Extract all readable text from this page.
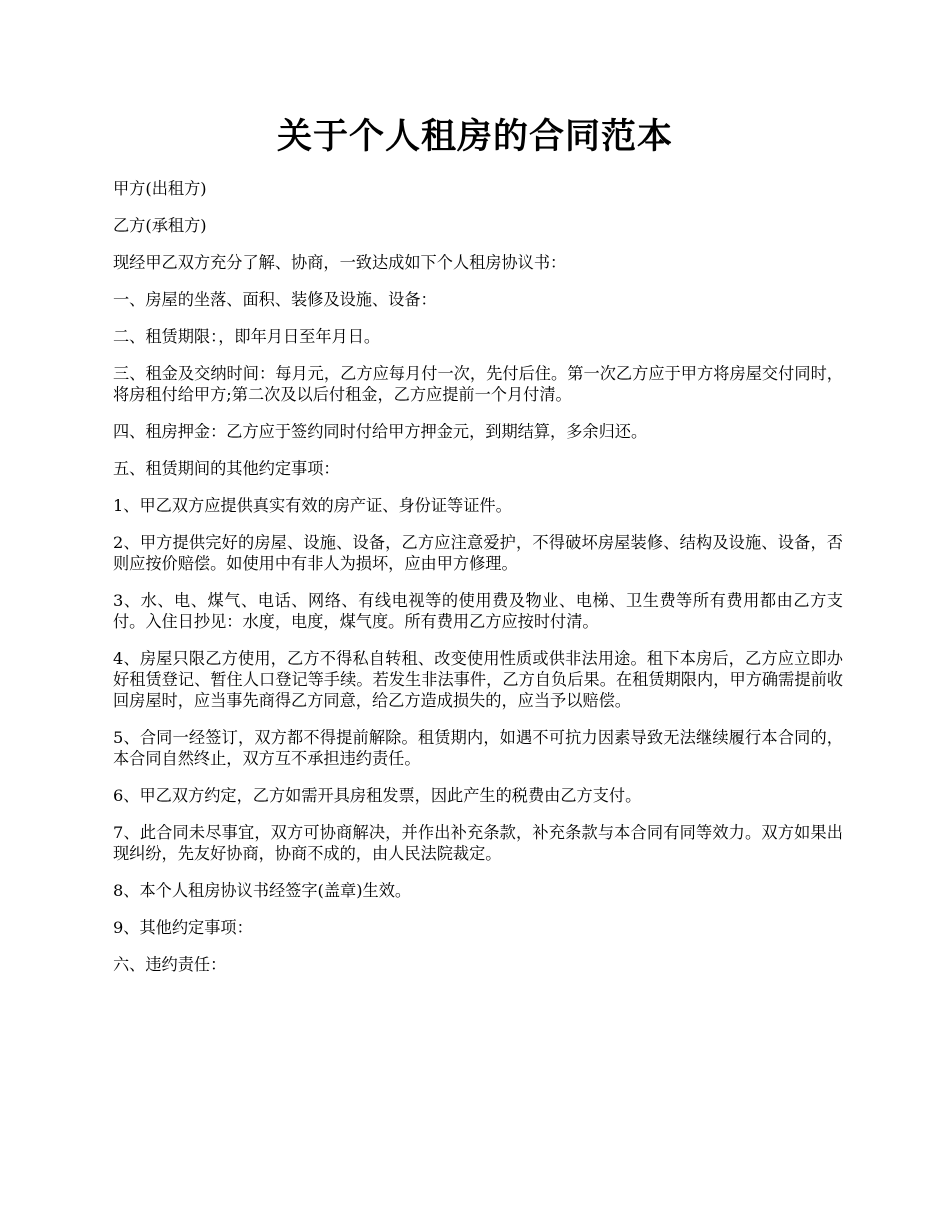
关于个人租房的合同范本

甲方(出租方)

乙方(承租方)

现经甲乙双方充分了解、协商，一致达成如下个人租房协议书：

一、房屋的坐落、面积、装修及设施、设备：

二、租赁期限：，即年月日至年月日。

三、租金及交纳时间：每月元，乙方应每月付一次，先付后住。第一次乙方应于甲方将房屋交付同时，将房租付给甲方;第二次及以后付租金，乙方应提前一个月付清。

四、租房押金：乙方应于签约同时付给甲方押金元，到期结算，多余归还。

五、租赁期间的其他约定事项：

1、甲乙双方应提供真实有效的房产证、身份证等证件。

2、甲方提供完好的房屋、设施、设备，乙方应注意爱护，不得破坏房屋装修、结构及设施、设备，否则应按价赔偿。如使用中有非人为损坏，应由甲方修理。

3、水、电、煤气、电话、网络、有线电视等的使用费及物业、电梯、卫生费等所有费用都由乙方支付。入住日抄见：水度，电度，煤气度。所有费用乙方应按时付清。

4、房屋只限乙方使用，乙方不得私自转租、改变使用性质或供非法用途。租下本房后，乙方应立即办好租赁登记、暂住人口登记等手续。若发生非法事件，乙方自负后果。在租赁期限内，甲方确需提前收回房屋时，应当事先商得乙方同意，给乙方造成损失的，应当予以赔偿。

5、合同一经签订，双方都不得提前解除。租赁期内，如遇不可抗力因素导致无法继续履行本合同的，本合同自然终止，双方互不承担违约责任。

6、甲乙双方约定，乙方如需开具房租发票，因此产生的税费由乙方支付。

7、此合同未尽事宜，双方可协商解决，并作出补充条款，补充条款与本合同有同等效力。双方如果出现纠纷，先友好协商，协商不成的，由人民法院裁定。

8、本个人租房协议书经签字(盖章)生效。

9、其他约定事项：

六、违约责任：
